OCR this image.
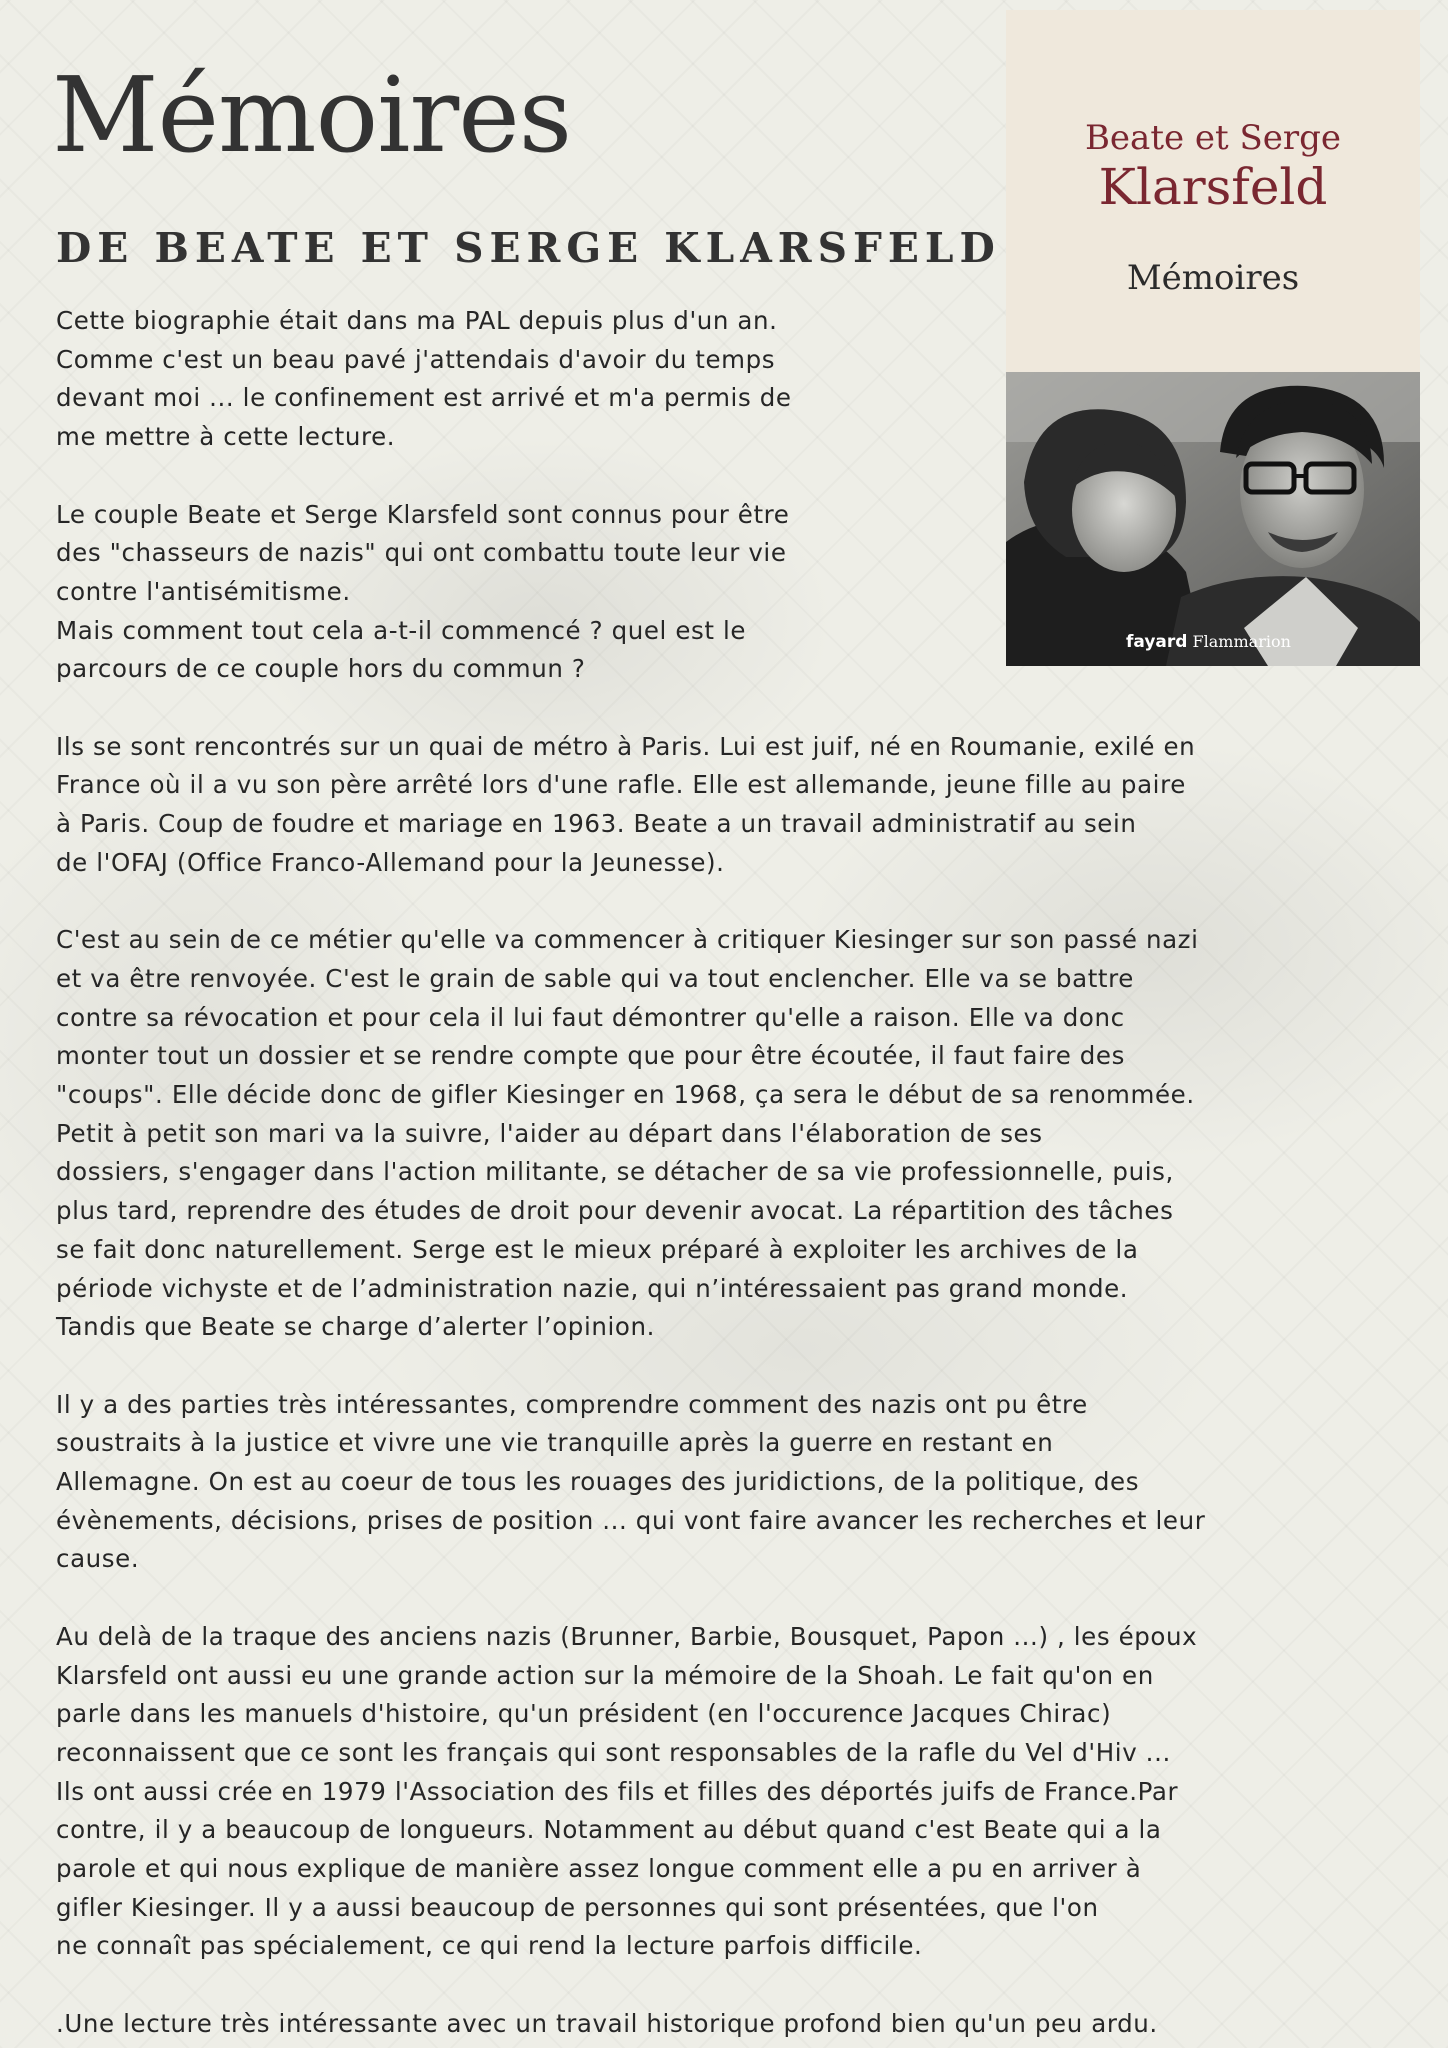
Mémoires
DE BEATE ET SERGE KLARSFELD
Beate et Serge
Klarsfeld
Mémoires
fayard Flammarion

Cette biographie était dans ma PAL depuis plus d'un an.
Comme c'est un beau pavé j'attendais d'avoir du temps
devant moi ... le confinement est arrivé et m'a permis de
me mettre à cette lecture.

Le couple Beate et Serge Klarsfeld sont connus pour être
des "chasseurs de nazis" qui ont combattu toute leur vie
contre l'antisémitisme.
Mais comment tout cela a-t-il commencé ? quel est le
parcours de ce couple hors du commun ?

Ils se sont rencontrés sur un quai de métro à Paris. Lui est juif, né en Roumanie, exilé en
France où il a vu son père arrêté lors d'une rafle. Elle est allemande, jeune fille au paire
à Paris. Coup de foudre et mariage en 1963. Beate a un travail administratif au sein
de l'OFAJ (Office Franco-Allemand pour la Jeunesse).

C'est au sein de ce métier qu'elle va commencer à critiquer Kiesinger sur son passé nazi
et va être renvoyée. C'est le grain de sable qui va tout enclencher. Elle va se battre
contre sa révocation et pour cela il lui faut démontrer qu'elle a raison. Elle va donc
monter tout un dossier et se rendre compte que pour être écoutée, il faut faire des
"coups". Elle décide donc de gifler Kiesinger en 1968, ça sera le début de sa renommée.
Petit à petit son mari va la suivre, l'aider au départ dans l'élaboration de ses
dossiers, s'engager dans l'action militante, se détacher de sa vie professionnelle, puis,
plus tard, reprendre des études de droit pour devenir avocat. La répartition des tâches
se fait donc naturellement. Serge est le mieux préparé à exploiter les archives de la
période vichyste et de l’administration nazie, qui n’intéressaient pas grand monde.
Tandis que Beate se charge d’alerter l’opinion.

Il y a des parties très intéressantes, comprendre comment des nazis ont pu être
soustraits à la justice et vivre une vie tranquille après la guerre en restant en
Allemagne. On est au coeur de tous les rouages des juridictions, de la politique, des
évènements, décisions, prises de position ... qui vont faire avancer les recherches et leur
cause.

Au delà de la traque des anciens nazis (Brunner, Barbie, Bousquet, Papon ...) , les époux
Klarsfeld ont aussi eu une grande action sur la mémoire de la Shoah. Le fait qu'on en
parle dans les manuels d'histoire, qu'un président (en l'occurence Jacques Chirac)
reconnaissent que ce sont les français qui sont responsables de la rafle du Vel d'Hiv ...
Ils ont aussi crée en 1979 l'Association des fils et filles des déportés juifs de France.Par
contre, il y a beaucoup de longueurs. Notamment au début quand c'est Beate qui a la
parole et qui nous explique de manière assez longue comment elle a pu en arriver à
gifler Kiesinger. Il y a aussi beaucoup de personnes qui sont présentées, que l'on
ne connaît pas spécialement, ce qui rend la lecture parfois difficile.

.Une lecture très intéressante avec un travail historique profond bien qu'un peu ardu.
